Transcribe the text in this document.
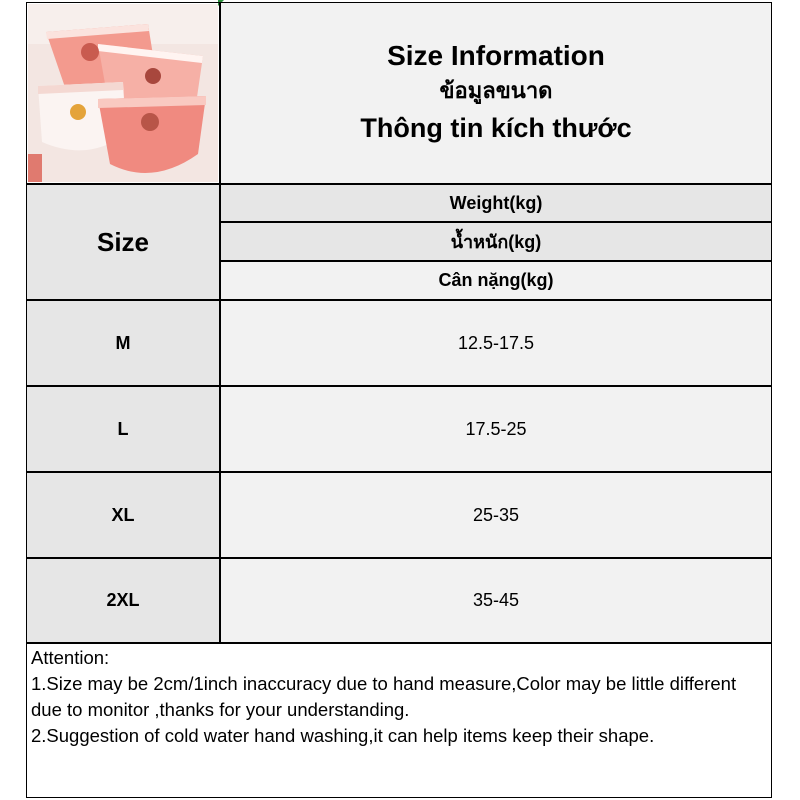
Size Information
ข้อมูลขนาด
Thông tin kích thước
Size
Weight(kg)
น้ำหนัก(kg)
Cân nặng(kg)
M	12.5-17.5
L	17.5-25
XL	25-35
2XL	35-45
Attention:
1.Size may be 2cm/1inch inaccuracy due to hand measure,Color may be little different due to monitor ,thanks for your understanding.
2.Suggestion of cold water hand washing,it can help items keep their shape.
